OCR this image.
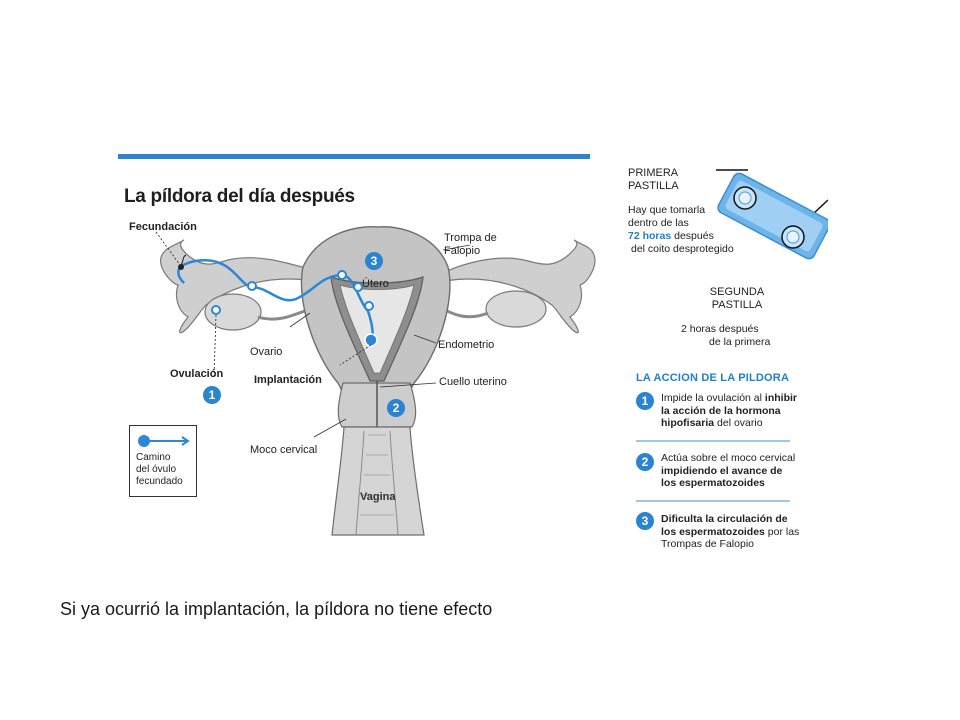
La píldora del día después
3
1
2
Fecundación
Trompa de
Falopio
Útero
Ovario
Endometrio
Ovulación	Implantación	Cuello uterino
Moco cervical
Vagina
Camino
del óvulo
fecundado
PRIMERA
PASTILLA
Hay que tomarla
dentro de las
72 horas después
del coito desprotegido
SEGUNDA
PASTILLA
2 horas después
de la primera
LA ACCION DE LA PILDORA
1	Impide la ovulación al inhibir
la acción de la hormona
hipofisaria del ovario
2	Actúa sobre el moco cervical
impidiendo el avance de
los espermatozoides
3	Dificulta la circulación de
los espermatozoides por las
Trompas de Falopio
Si ya ocurrió la implantación, la píldora no tiene efecto
